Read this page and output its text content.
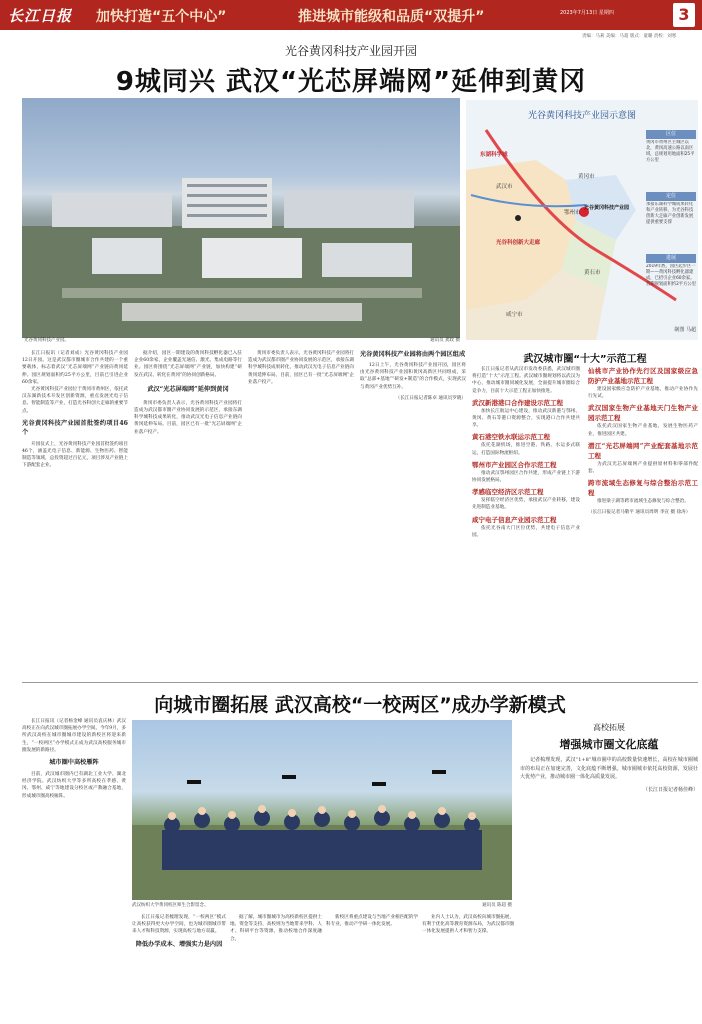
长江日报 加快打造“五个中心”	推进城市能级和品质“双提升”	2023年7月13日 星期四	3
责编：马莉 美编：马超 版式：童璐 责校：刘寒
光谷黄冈科技产业园开园
9城同兴 武汉“光芯屏端网”延伸到黄冈
光谷黄冈科技产业园。	通讯员 龚政 摄
光谷黄冈科技产业园示意图
东湖科学城
武汉市
鄂州市
黄冈市
光谷黄冈科技产业园
光谷科创新大走廊
黄石市
咸宁市
区位
黄冈市黄州区主城区以北，黄冈高速公路以南区域，总规划用地面积25平方公里
定位
承接东湖科学城成果转化和产业转移，为光谷科技创新大走廊产业创新发展提供重要支撑
进展
2019年底，园区起步区一期——黄冈科技孵化器建成，已招引企业60余家。首期规划面积约2平方公里
制图 马超

长江日报讯（记者刘成）光谷黄冈科技产业园12日开园。这是武汉都市圈城市合作共建的一个重要载体，标志着武汉“光芯屏端网”产业链向黄冈延伸。园区规划面积约25平方公里，目前已引进企业60余家。

光谷黄冈科技产业园位于黄冈市黄州区，依托武汉东湖新技术开发区创新资源，重点发展光电子信息、智能制造等产业，打造光谷科创大走廊的重要节点。

光谷黄冈科技产业园首批签约项目46个

开园仪式上，光谷黄冈科技产业园首批签约项目46个，涵盖光电子信息、新能源、生物医药、智能制造等领域，总投资超过百亿元，项目涉及产业链上下游配套企业。

据介绍，园区一期建设的黄冈科技孵化器已入驻企业60余家，企业覆盖光通信、激光、集成电路等行业。园区将围绕“光芯屏端网”产业链，加快构建“研发在武汉、转化在黄冈”的协同创新格局。

武汉“光芯屏端网”延伸到黄冈

黄冈市委负责人表示，光谷黄冈科技产业园将打造成为武汉都市圈产业协同发展的示范区，承接东湖科学城科技成果转化，推动武汉光电子信息产业链向黄冈延伸布局。目前，园区已有一批“光芯屏端网”企业落户投产。

黄冈市委负责人表示，光谷黄冈科技产业园将打造成为武汉都市圈产业协同发展的示范区，承接东湖科学城科技成果转化，推动武汉光电子信息产业链向黄冈延伸布局。目前，园区已有一批“光芯屏端网”企业落户投产。

光谷黄冈科技产业园将由两个园区组成

12日上午，光谷黄冈科技产业园开园，园区将由光谷黄冈科技产业园和黄冈高新区共同组成，采取“总部+基地”“研发+制造”的合作模式，实现武汉与黄冈产业优势互补。

（长江日报记者陈卓 通讯员罗晓）
武汉城市圈“十大”示范工程

长江日报记者从武汉市发改委获悉，武汉城市圈将打造“十大”示范工程。武汉城市圈规划将以武汉为中心，推动城市圈同城化发展，全面提升城市圈综合竞争力，目前十大示范工程正加快推进。

武汉新港港口合作建设示范工程

加快长江航运中心建设，推动武汉新港与鄂州、黄冈、黄石等港口资源整合，实现港口合作共建共享。

黄石港空铁水联运示范工程

依托花湖机场，推进空港、铁路、水运多式联运，打造国际物流枢纽。

鄂州市产业园区合作示范工程

推动武汉鄂州园区合作共建，形成产业链上下游协同发展格局。

孝感临空经济区示范工程

发挥临空经济区优势，承接武汉产业转移，建设先进制造业基地。

咸宁电子信息产业园示范工程

依托光谷南大门区位优势，共建电子信息产业园。

仙桃市产业协作先行区及国家级应急防护产业基地示范工程

建设国家级应急防护产业基地，推动产业协作先行先试。

武汉国家生物产业基地天门生物产业园示范工程

依托武汉国家生物产业基地，发展生物医药产业，推进园区共建。

潜江“光芯屏端网”产业配套基地示范工程

为武汉光芯屏端网产业提供原材料和零部件配套。

跨市流域生态修复与综合整治示范工程

推进梁子湖等跨市流域生态修复与综合整治。

（长江日报记者马敬平 通讯员周明 李宣 摄 徐涛）
向城市圈拓展 武汉高校“一校两区”成办学新模式

长江日报讯（记者杨金峰 通讯员袁庆林）武汉高校正在向武汉城市圈拓展办学空间。今年9月，多所武汉高校在城市圈城市建设的新校区将迎来新生，“一校两区”办学模式正成为武汉高校服务城市圈发展的新路径。

城市圈中高校雁阵

目前，武汉城市圈内已有湖北工业大学、湖北经济学院、武汉纺织大学等多所高校在孝感、黄冈、鄂州、咸宁等地建设分校区或产教融合基地，形成城市圈高校雁阵。

武汉纺织大学黄冈校区师生合影留念。	通讯员 陈超 摄

长江日报记者梳理发现，“一校两区”模式让高校获得更大办学空间，也为城市圈城市带来人才和科技资源，实现高校与地方双赢。

降低办学成本、增强实力是内因

据了解，城市圈城市为高校新校区提供土地、资金等支持，高校则为当地带来学科、人才、科研平台等资源，推动校地合作深度融合。

新校区将重点建设与当地产业相匹配的学科专业，推动产学研一体化发展。

业内人士认为，武汉高校向城市圈拓展，有利于优化高等教育资源布局，为武汉都市圈一体化发展提供人才和智力支撑。

高校拓展
增强城市圈文化底蕴

记者梳理发现，武汉“1+8”城市圈中的高校数量快速增长，高校在城市圈城市的布局正在加速完善，文化底蕴不断增强。城市圈城市依托高校资源，发展壮大优势产业，推动城市圈一体化高质量发展。

（长江日报记者杨佳峰）
